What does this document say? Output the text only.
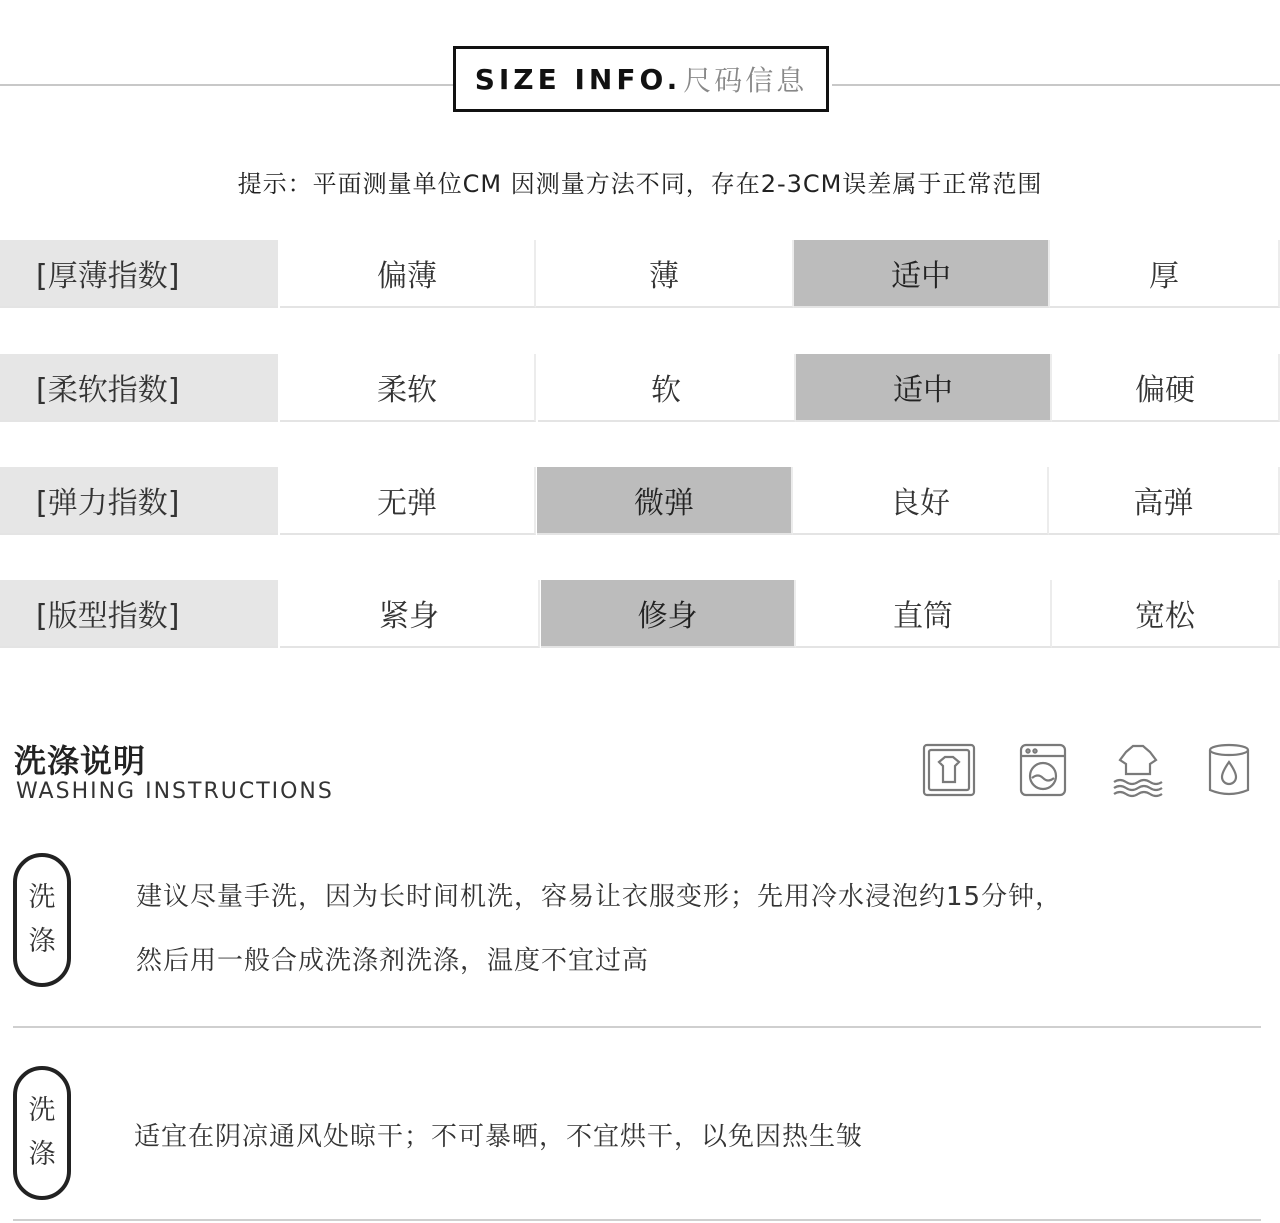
SIZE INFO. 尺码信息
提示：平面测量单位CM 因测量方法不同，存在2-3CM误差属于正常范围
[厚薄指数]	偏薄	薄	适中	厚
[柔软指数]	柔软	软	适中	偏硬
[弹力指数]	无弹	微弹	良好	高弹
[版型指数]	紧身	修身	直筒	宽松
洗涤说明
WASHING INSTRUCTIONS
洗
涤
建议尽量手洗，因为长时间机洗，容易让衣服变形；先用冷水浸泡约15分钟，
然后用一般合成洗涤剂洗涤，温度不宜过高
洗
涤
适宜在阴凉通风处晾干；不可暴晒，不宜烘干，以免因热生皱
